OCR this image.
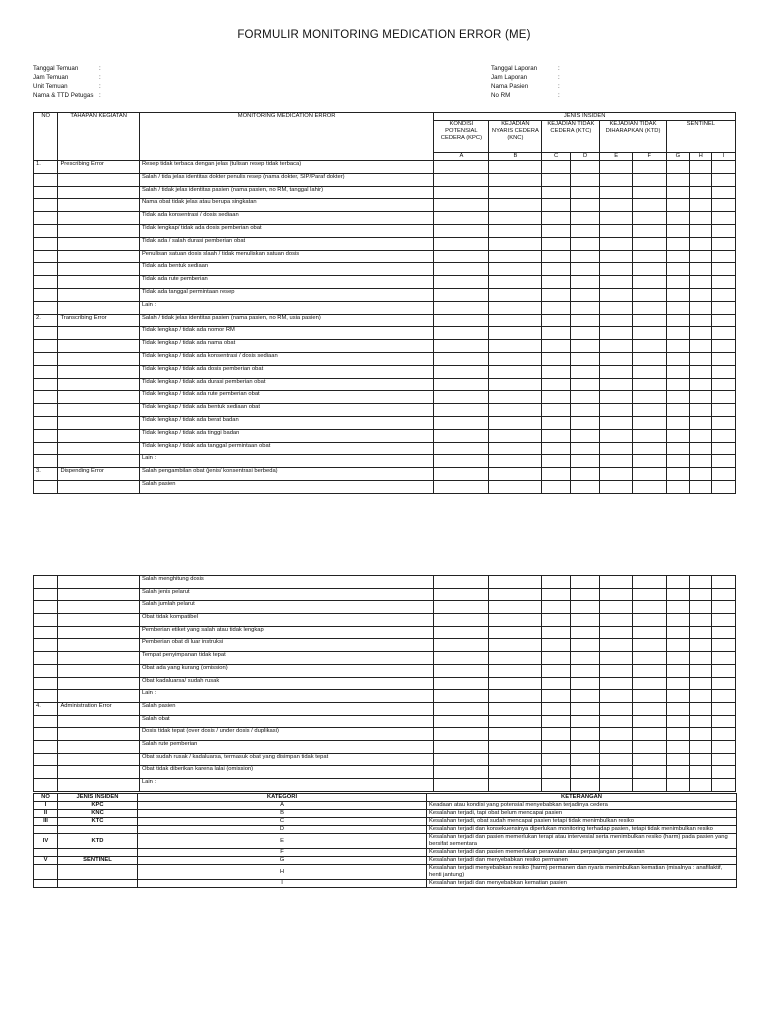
FORMULIR MONITORING MEDICATION ERROR (ME)
Tanggal Temuan	:
Jam Temuan	:
Unit Temuan	:
Nama & TTD Petugas :
Tanggal Laporan	:
Jam Laporan	:
Nama Pasien	:
No RM	:
NO	TAHAPAN KEGIATAN	MONITORING MEDICATION ERROR	JENIS INSIDEN								
			KONDISI POTENSIAL CEDERA (KPC)	KEJADIAN NYARIS CEDERA (KNC)	KEJADIAN TIDAK CEDERA (KTC)		KEJADIAN TIDAK DIHARAPKAN (KTD)		SENTINEL		
			A	B	C	D	E	F	G	H	I
1.	Prescribing Error	Resep tidak terbaca dengan jelas (tulisan resep tidak terbaca)									
		Salah / tida jelas identitas dokter penulis resep (nama dokter, SIP/Paraf dokter)									
		Salah / tidak jelas identitas pasien (nama pasien, no RM, tanggal lahir)									
		Nama obat tidak jelas atau berupa singkatan									
		Tidak ada konsentrasi / dosis sediaan									
		Tidak lengkap/ tidak ada dosis pemberian obat									
		Tidak ada / salah durasi pemberian obat									
		Penulisan satuan dosis slaah / tidak menuliskan satuan dosis									
		Tidak ada bentuk sediaan									
		Tidak ada rute pemberian									
		Tidak ada tanggal permintaan resep									
		Lain :									
2.	Transcribing Error	Salah / tidak jelas identitas pasien (nama pasien, no RM, usia pasien)									
		Tidak lengkap / tidak ada nomor RM									
		Tidak lengkap / tidak ada nama obat									
		Tidak lengkap / tidak ada konsentrasi / dosis sediaan									
		Tidak lengkap / tidak ada dosis pemberian obat									
		Tidak lengkap / tidak ada durasi pemberian obat									
		Tidak lengkap / tidak ada rute pemberian obat									
		Tidak lengkap / tidak ada bentuk sediaan obat									
		Tidak lengkap / tidak ada berat badan									
		Tidak lengkap / tidak ada tinggi badan									
		Tidak lengkap / tidak ada tanggal permintaan obat									
		Lain :									
3.	Dispending Error	Salah pengambilan obat (jenis/ konsentrasi berbeda)									
		Salah pasien									
		Salah menghitung dosis									
		Salah jenis pelarut									
		Salah jumlah pelarut									
		Obat tidak kompatibel									
		Pemberian etiket yang salah atau tidak lengkap									
		Pemberian obat di luar instruksi									
		Tempat penyimpanan tidak tepat									
		Obat ada yang kurang (omission)									
		Obat kadaluarsa/ sudah rusak									
		Lain :									
4.	Administration Error	Salah pasien									
		Salah obat									
		Dosis tidak tepat (over dosis / under dosis / duplikasi)									
		Salah rute pemberian									
		Obat sudah rusak / kadaluarsa, termasuk obat yang disimpan tidak tepat									
		Obat tidak diberikan karena lalai (omission)									
		Lain :									
NO	JENIS INSIDEN	KATEGORI	KETERANGAN
I	KPC	A	Keadaan atau kondisi yang potensial menyebabkan terjadinya cedera
II	KNC	B	Kesalahan terjadi, tapi obat belum mencapai pasien
III	KTC	C	Kesalahan terjadi, obat sudah mencapai pasien tetapi tidak menimbulkan resiko
		D	Kesalahan terjadi dan konsekuensinya diperlukan monitoring terhadap pasien, tetapi tidak menimbulkan resiko
IV	KTD	E	Kesalahan terjadi dan pasien memerlukan terapi atau intervesial serta menimbulkan resiko (harm) pada pasien yang bersifat sementara
		F	Kesalahan terjadi dan pasien memerlukan perawatan atau perpanjangan perawatan
V	SENTINEL	G	Kesalahan terjadi dan menyebabkan resiko permanen
		H	Kesalahan terjadi menyebabkan resiko (harm) permanen dan nyaris menimbulkan kematian (misalnya : anafilaktif, henti jantung)
		I	Kesalahan terjadi dan menyebabkan kematian pasien
